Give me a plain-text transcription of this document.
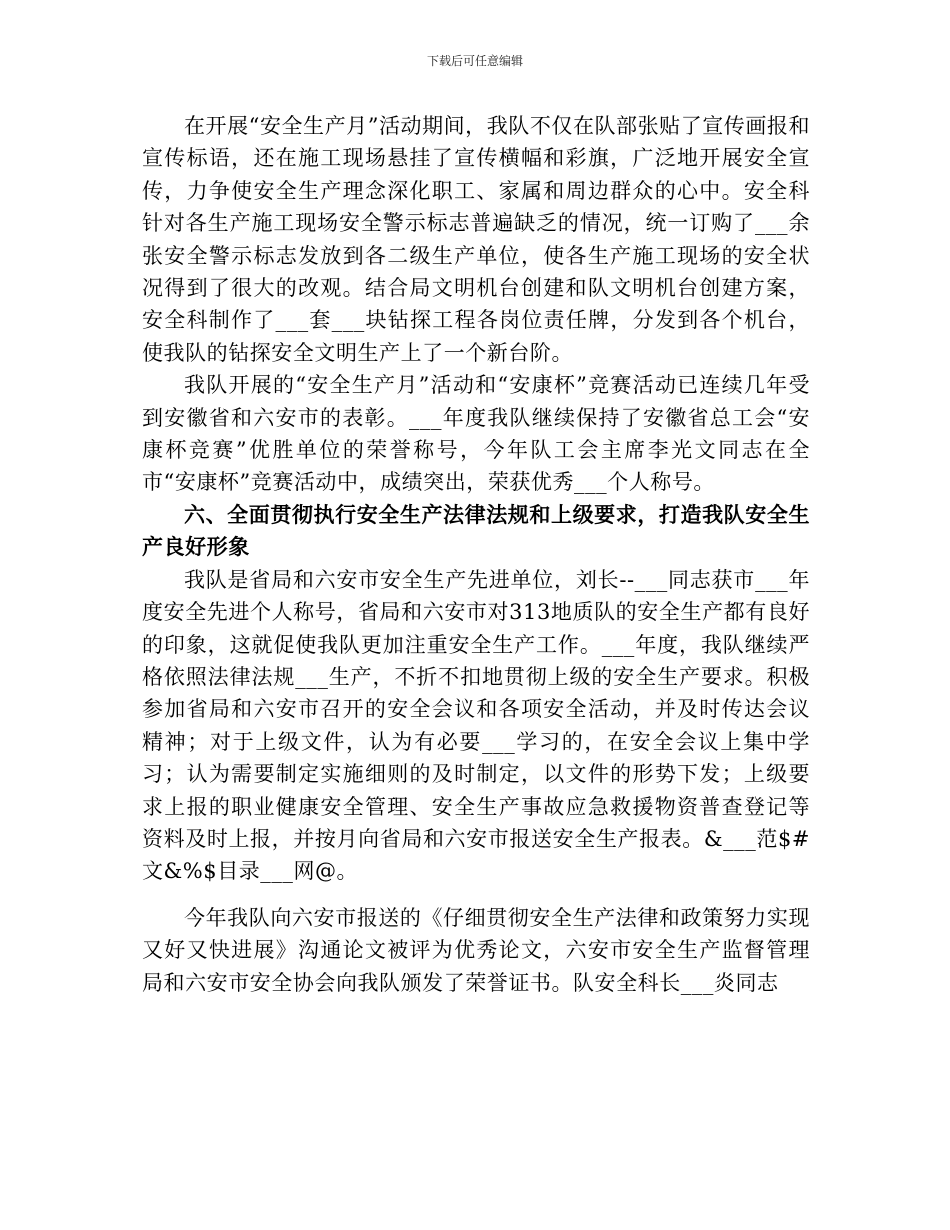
下载后可任意编辑

在开展“安全生产月”活动期间，我队不仅在队部张贴了宣传画报和宣传标语，还在施工现场悬挂了宣传横幅和彩旗，广泛地开展安全宣传，力争使安全生产理念深化职工、家属和周边群众的心中。安全科针对各生产施工现场安全警示标志普遍缺乏的情况，统一订购了___余张安全警示标志发放到各二级生产单位，使各生产施工现场的安全状况得到了很大的改观。结合局文明机台创建和队文明机台创建方案，安全科制作了___套___块钻探工程各岗位责任牌，分发到各个机台，使我队的钻探安全文明生产上了一个新台阶。

我队开展的“安全生产月”活动和“安康杯”竞赛活动已连续几年受到安徽省和六安市的表彰。___年度我队继续保持了安徽省总工会“安康杯竞赛”优胜单位的荣誉称号，今年队工会主席李光文同志在全市“安康杯”竞赛活动中，成绩突出，荣获优秀___个人称号。

六、全面贯彻执行安全生产法律法规和上级要求，打造我队安全生产良好形象

我队是省局和六安市安全生产先进单位，刘长--___同志获市___年度安全先进个人称号，省局和六安市对313地质队的安全生产都有良好的印象，这就促使我队更加注重安全生产工作。___年度，我队继续严格依照法律法规___生产，不折不扣地贯彻上级的安全生产要求。积极参加省局和六安市召开的安全会议和各项安全活动，并及时传达会议精神；对于上级文件，认为有必要___学习的，在安全会议上集中学习；认为需要制定实施细则的及时制定，以文件的形势下发；上级要求上报的职业健康安全管理、安全生产事故应急救援物资普查登记等资料及时上报，并按月向省局和六安市报送安全生产报表。&___范$#文&%$目录___网@。

今年我队向六安市报送的《仔细贯彻安全生产法律和政策努力实现又好又快进展》沟通论文被评为优秀论文，六安市安全生产监督管理局和六安市安全协会向我队颁发了荣誉证书。队安全科长___炎同志
